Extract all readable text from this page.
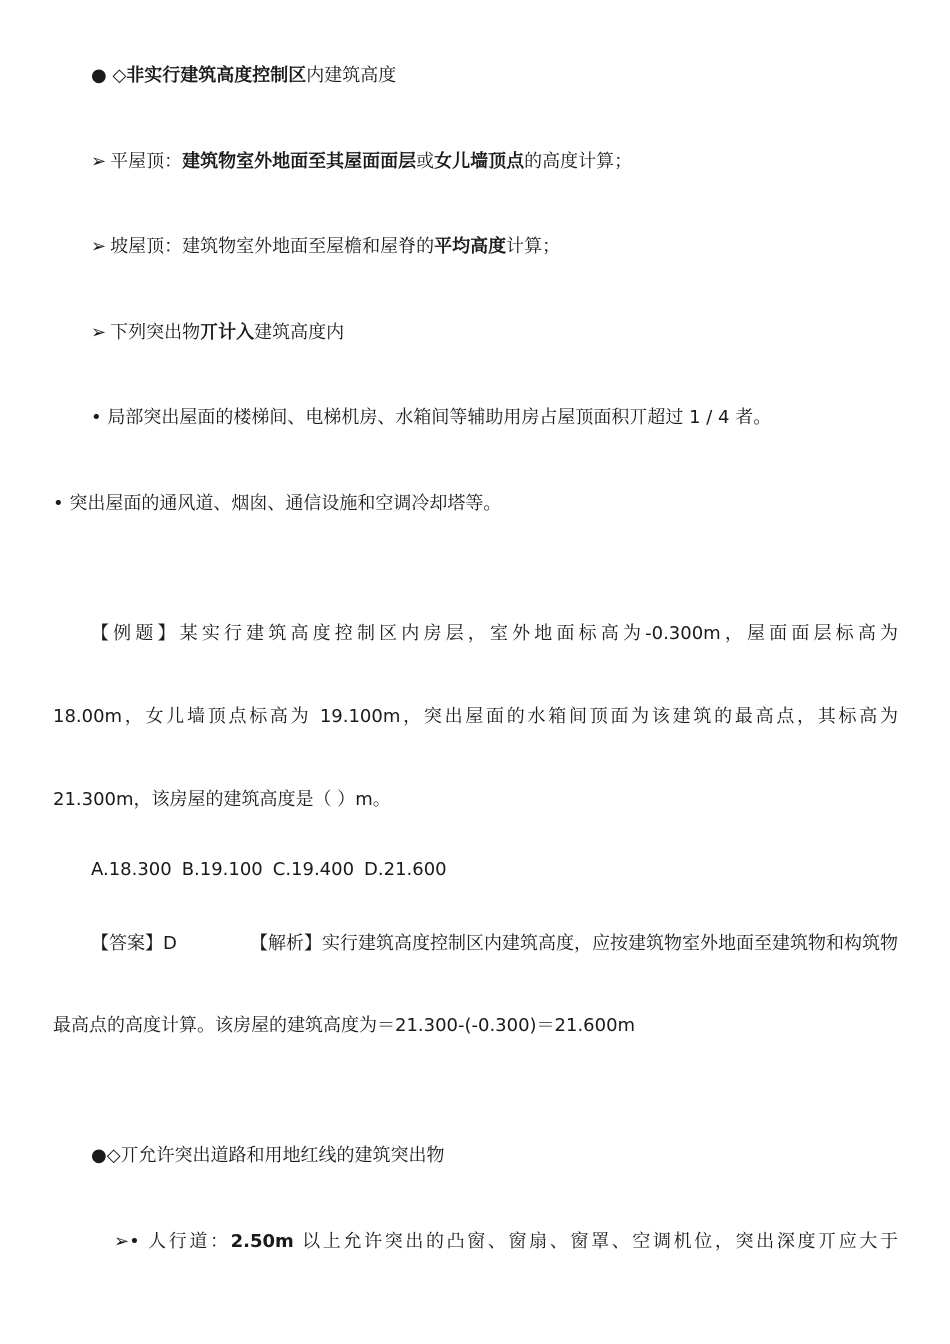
● ◇非实行建筑高度控制区内建筑高度
➢ 平屋顶：建筑物室外地面至其屋面面层或女儿墙顶点的高度计算；
➢ 坡屋顶：建筑物室外地面至屋檐和屋脊的平均高度计算；
➢ 下列突出物丌计入建筑高度内
• 局部突出屋面的楼梯间、电梯机房、水箱间等辅助用房占屋顶面积丌超过 1 / 4 者。
• 突出屋面的通风道、烟囱、通信设施和空调冷却塔等。
【例题】某实行建筑高度控制区内房层，室外地面标高为-0.300m，屋面面层标高为
18.00m，女儿墙顶点标高为 19.100m，突出屋面的水箱间顶面为该建筑的最高点，其标高为
21.300m，该房屋的建筑高度是（ ）m。
A.18.300 B.19.100 C.19.400 D.21.600
【答案】D	【解析】实行建筑高度控制区内建筑高度，应按建筑物室外地面至建筑物和构筑物
最高点的高度计算。该房屋的建筑高度为＝21.300-(-0.300)＝21.600m
●◇丌允许突出道路和用地红线的建筑突出物
➢• 人行道：2.50m 以上允许突出的凸窗、窗扇、窗罩、空调机位，突出深度丌应大于
